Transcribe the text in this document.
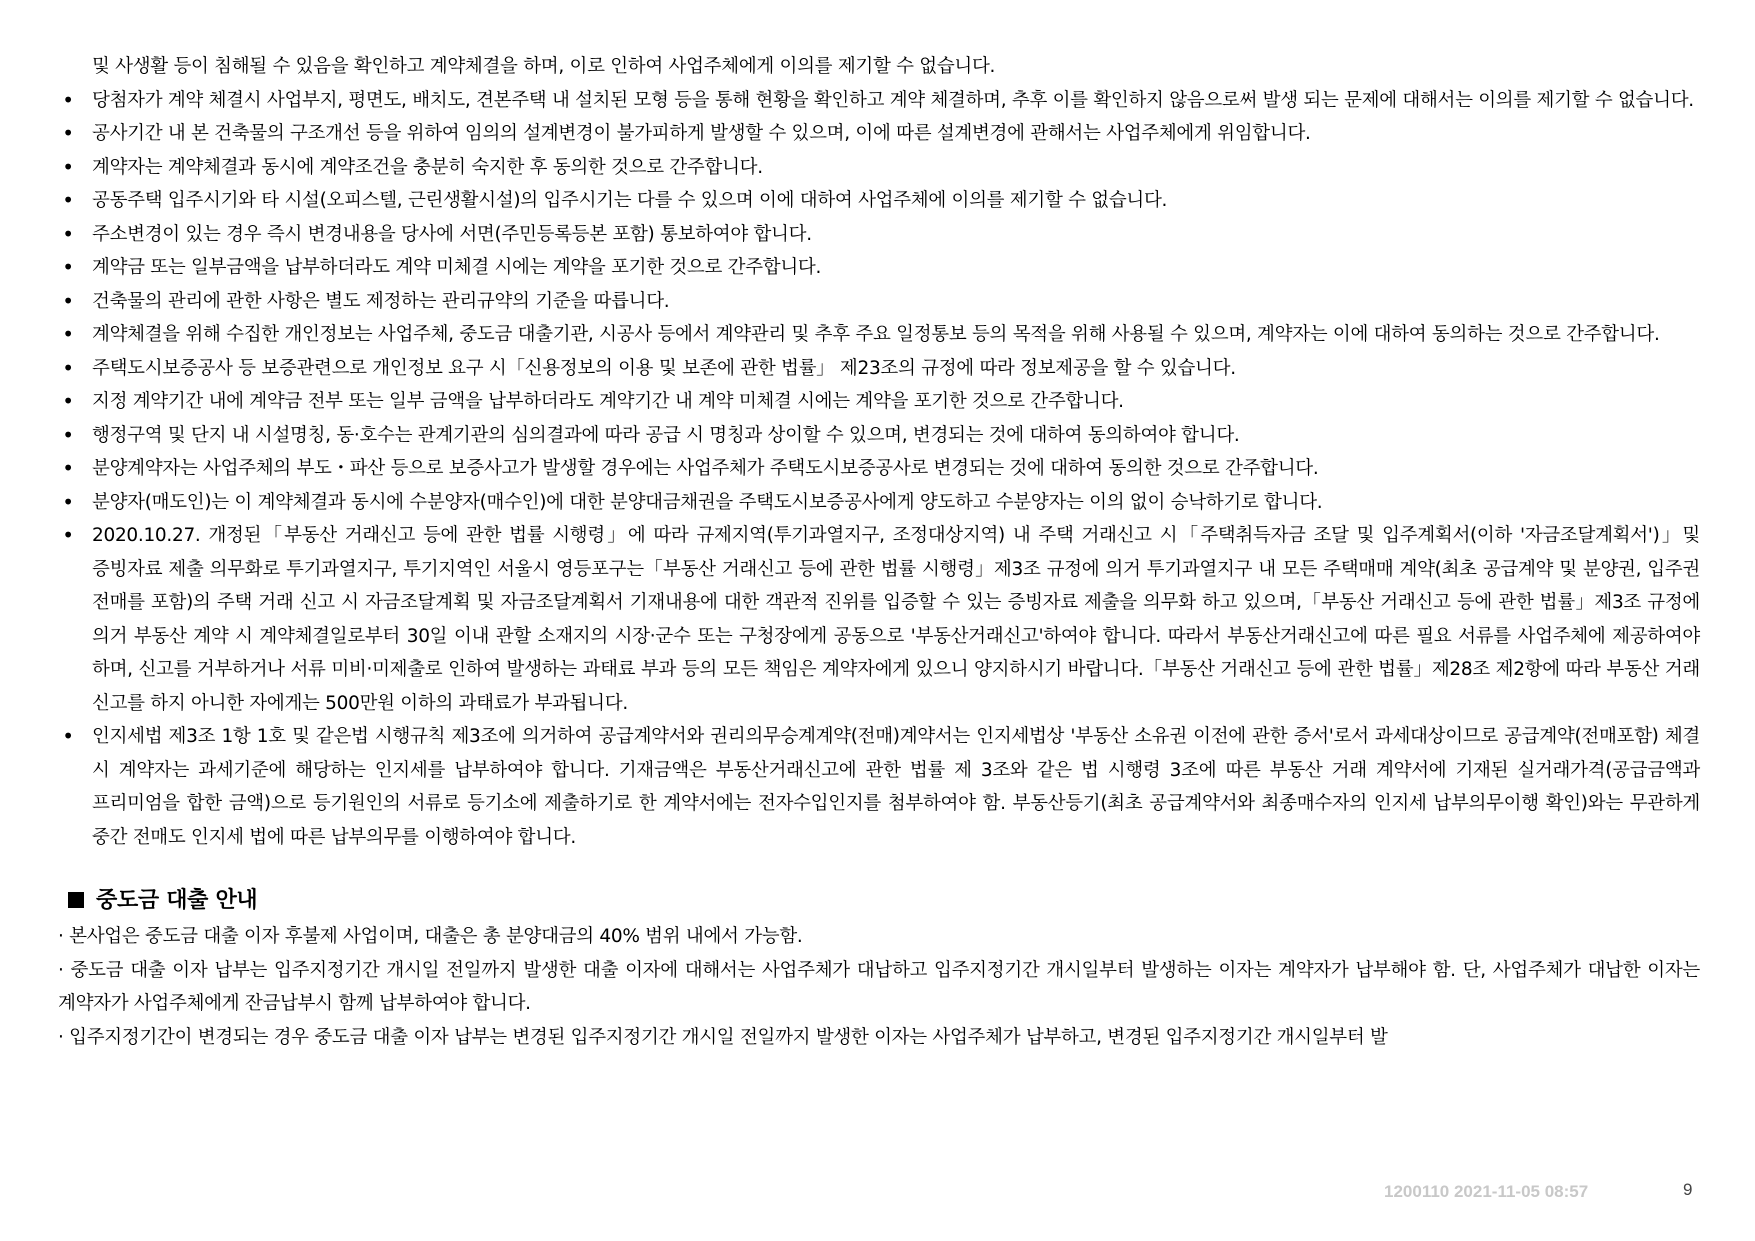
및 사생활 등이 침해될 수 있음을 확인하고 계약체결을 하며, 이로 인하여 사업주체에게 이의를 제기할 수 없습니다.
• 당첨자가 계약 체결시 사업부지, 평면도, 배치도, 견본주택 내 설치된 모형 등을 통해 현황을 확인하고 계약 체결하며, 추후 이를 확인하지 않음으로써 발생 되는 문제에 대해서는 이의를 제기할 수 없습니다.
• 공사기간 내 본 건축물의 구조개선 등을 위하여 임의의 설계변경이 불가피하게 발생할 수 있으며, 이에 따른 설계변경에 관해서는 사업주체에게 위임합니다.
• 계약자는 계약체결과 동시에 계약조건을 충분히 숙지한 후 동의한 것으로 간주합니다.
• 공동주택 입주시기와 타 시설(오피스텔, 근린생활시설)의 입주시기는 다를 수 있으며 이에 대하여 사업주체에 이의를 제기할 수 없습니다.
• 주소변경이 있는 경우 즉시 변경내용을 당사에 서면(주민등록등본 포함) 통보하여야 합니다.
• 계약금 또는 일부금액을 납부하더라도 계약 미체결 시에는 계약을 포기한 것으로 간주합니다.
• 건축물의 관리에 관한 사항은 별도 제정하는 관리규약의 기준을 따릅니다.
• 계약체결을 위해 수집한 개인정보는 사업주체, 중도금 대출기관, 시공사 등에서 계약관리 및 추후 주요 일정통보 등의 목적을 위해 사용될 수 있으며, 계약자는 이에 대하여 동의하는 것으로 간주합니다.
• 주택도시보증공사 등 보증관련으로 개인정보 요구 시「신용정보의 이용 및 보존에 관한 법률」 제23조의 규정에 따라 정보제공을 할 수 있습니다.
• 지정 계약기간 내에 계약금 전부 또는 일부 금액을 납부하더라도 계약기간 내 계약 미체결 시에는 계약을 포기한 것으로 간주합니다.
• 행정구역 및 단지 내 시설명칭, 동·호수는 관계기관의 심의결과에 따라 공급 시 명칭과 상이할 수 있으며, 변경되는 것에 대하여 동의하여야 합니다.
• 분양계약자는 사업주체의 부도・파산 등으로 보증사고가 발생할 경우에는 사업주체가 주택도시보증공사로 변경되는 것에 대하여 동의한 것으로 간주합니다.
• 분양자(매도인)는 이 계약체결과 동시에 수분양자(매수인)에 대한 분양대금채권을 주택도시보증공사에게 양도하고 수분양자는 이의 없이 승낙하기로 합니다.
• 2020.10.27. 개정된「부동산 거래신고 등에 관한 법률 시행령」에 따라 규제지역(투기과열지구, 조정대상지역) 내 주택 거래신고 시「주택취득자금 조달 및 입주계획서(이하 '자금조달계획서')」및 증빙자료 제출 의무화로 투기과열지구, 투기지역인 서울시 영등포구는「부동산 거래신고 등에 관한 법률 시행령」제3조 규정에 의거 투기과열지구 내 모든 주택매매 계약(최초 공급계약 및 분양권, 입주권 전매를 포함)의 주택 거래 신고 시 자금조달계획 및 자금조달계획서 기재내용에 대한 객관적 진위를 입증할 수 있는 증빙자료 제출을 의무화 하고 있으며,「부동산 거래신고 등에 관한 법률」제3조 규정에 의거 부동산 계약 시 계약체결일로부터 30일 이내 관할 소재지의 시장·군수 또는 구청장에게 공동으로 '부동산거래신고'하여야 합니다. 따라서 부동산거래신고에 따른 필요 서류를 사업주체에 제공하여야 하며, 신고를 거부하거나 서류 미비·미제출로 인하여 발생하는 과태료 부과 등의 모든 책임은 계약자에게 있으니 양지하시기 바랍니다.「부동산 거래신고 등에 관한 법률」제28조 제2항에 따라 부동산 거래 신고를 하지 아니한 자에게는 500만원 이하의 과태료가 부과됩니다.
• 인지세법 제3조 1항 1호 및 같은법 시행규칙 제3조에 의거하여 공급계약서와 권리의무승계계약(전매)계약서는 인지세법상 '부동산 소유권 이전에 관한 증서'로서 과세대상이므로 공급계약(전매포함) 체결 시 계약자는 과세기준에 해당하는 인지세를 납부하여야 합니다. 기재금액은 부동산거래신고에 관한 법률 제 3조와 같은 법 시행령 3조에 따른 부동산 거래 계약서에 기재된 실거래가격(공급금액과 프리미엄을 합한 금액)으로 등기원인의 서류로 등기소에 제출하기로 한 계약서에는 전자수입인지를 첨부하여야 함. 부동산등기(최초 공급계약서와 최종매수자의 인지세 납부의무이행 확인)와는 무관하게 중간 전매도 인지세 법에 따른 납부의무를 이행하여야 합니다.
중도금 대출 안내
· 본사업은 중도금 대출 이자 후불제 사업이며, 대출은 총 분양대금의 40% 범위 내에서 가능함.
· 중도금 대출 이자 납부는 입주지정기간 개시일 전일까지 발생한 대출 이자에 대해서는 사업주체가 대납하고 입주지정기간 개시일부터 발생하는 이자는 계약자가 납부해야 함. 단, 사업주체가 대납한 이자는 계약자가 사업주체에게 잔금납부시 함께 납부하여야 합니다.
· 입주지정기간이 변경되는 경우 중도금 대출 이자 납부는 변경된 입주지정기간 개시일 전일까지 발생한 이자는 사업주체가 납부하고, 변경된 입주지정기간 개시일부터 발
1200110 2021-11-05 08:57	9
